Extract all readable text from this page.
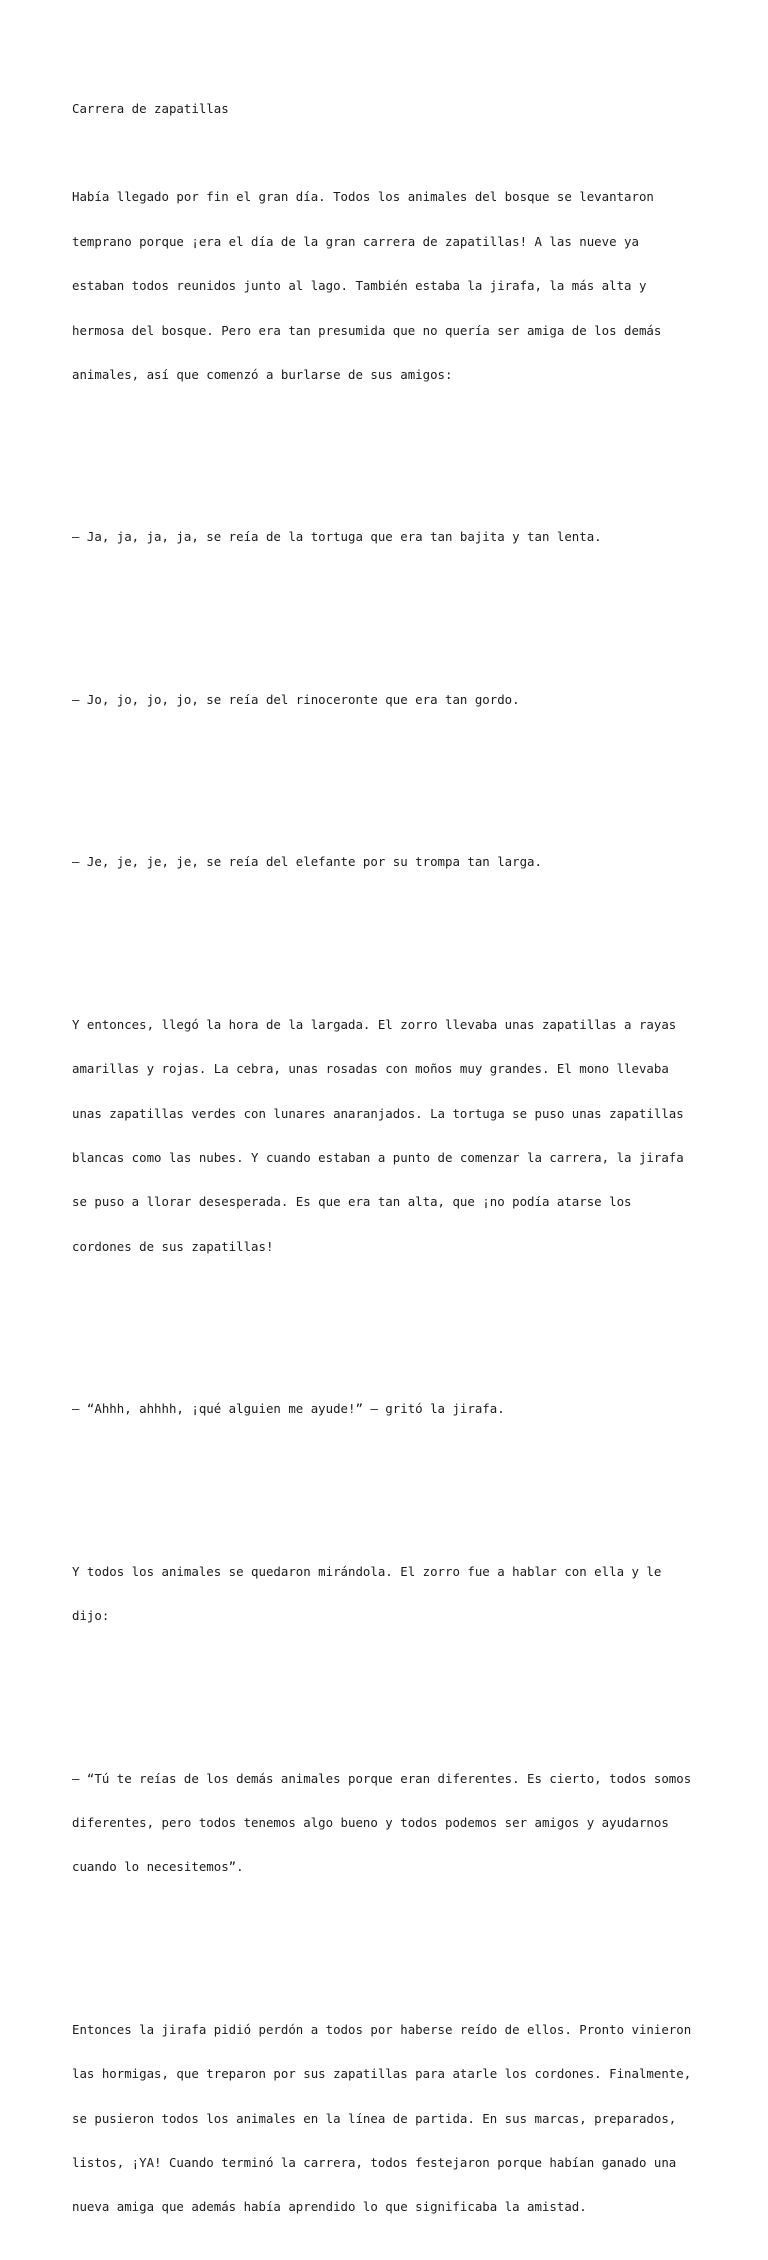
Carrera de zapatillas

Había llegado por fin el gran día. Todos los animales del bosque se levantaron

temprano porque ¡era el día de la gran carrera de zapatillas! A las nueve ya

estaban todos reunidos junto al lago. También estaba la jirafa, la más alta y

hermosa del bosque. Pero era tan presumida que no quería ser amiga de los demás

animales, así que comenzó a burlarse de sus amigos:

– Ja, ja, ja, ja, se reía de la tortuga que era tan bajita y tan lenta.

– Jo, jo, jo, jo, se reía del rinoceronte que era tan gordo.

– Je, je, je, je, se reía del elefante por su trompa tan larga.

Y entonces, llegó la hora de la largada. El zorro llevaba unas zapatillas a rayas

amarillas y rojas. La cebra, unas rosadas con moños muy grandes. El mono llevaba

unas zapatillas verdes con lunares anaranjados. La tortuga se puso unas zapatillas

blancas como las nubes. Y cuando estaban a punto de comenzar la carrera, la jirafa

se puso a llorar desesperada. Es que era tan alta, que ¡no podía atarse los

cordones de sus zapatillas!

– “Ahhh, ahhhh, ¡qué alguien me ayude!” – gritó la jirafa.

Y todos los animales se quedaron mirándola. El zorro fue a hablar con ella y le

dijo:

– “Tú te reías de los demás animales porque eran diferentes. Es cierto, todos somos

diferentes, pero todos tenemos algo bueno y todos podemos ser amigos y ayudarnos

cuando lo necesitemos”.

Entonces la jirafa pidió perdón a todos por haberse reído de ellos. Pronto vinieron

las hormigas, que treparon por sus zapatillas para atarle los cordones. Finalmente,

se pusieron todos los animales en la línea de partida. En sus marcas, preparados,

listos, ¡YA! Cuando terminó la carrera, todos festejaron porque habían ganado una

nueva amiga que además había aprendido lo que significaba la amistad.
